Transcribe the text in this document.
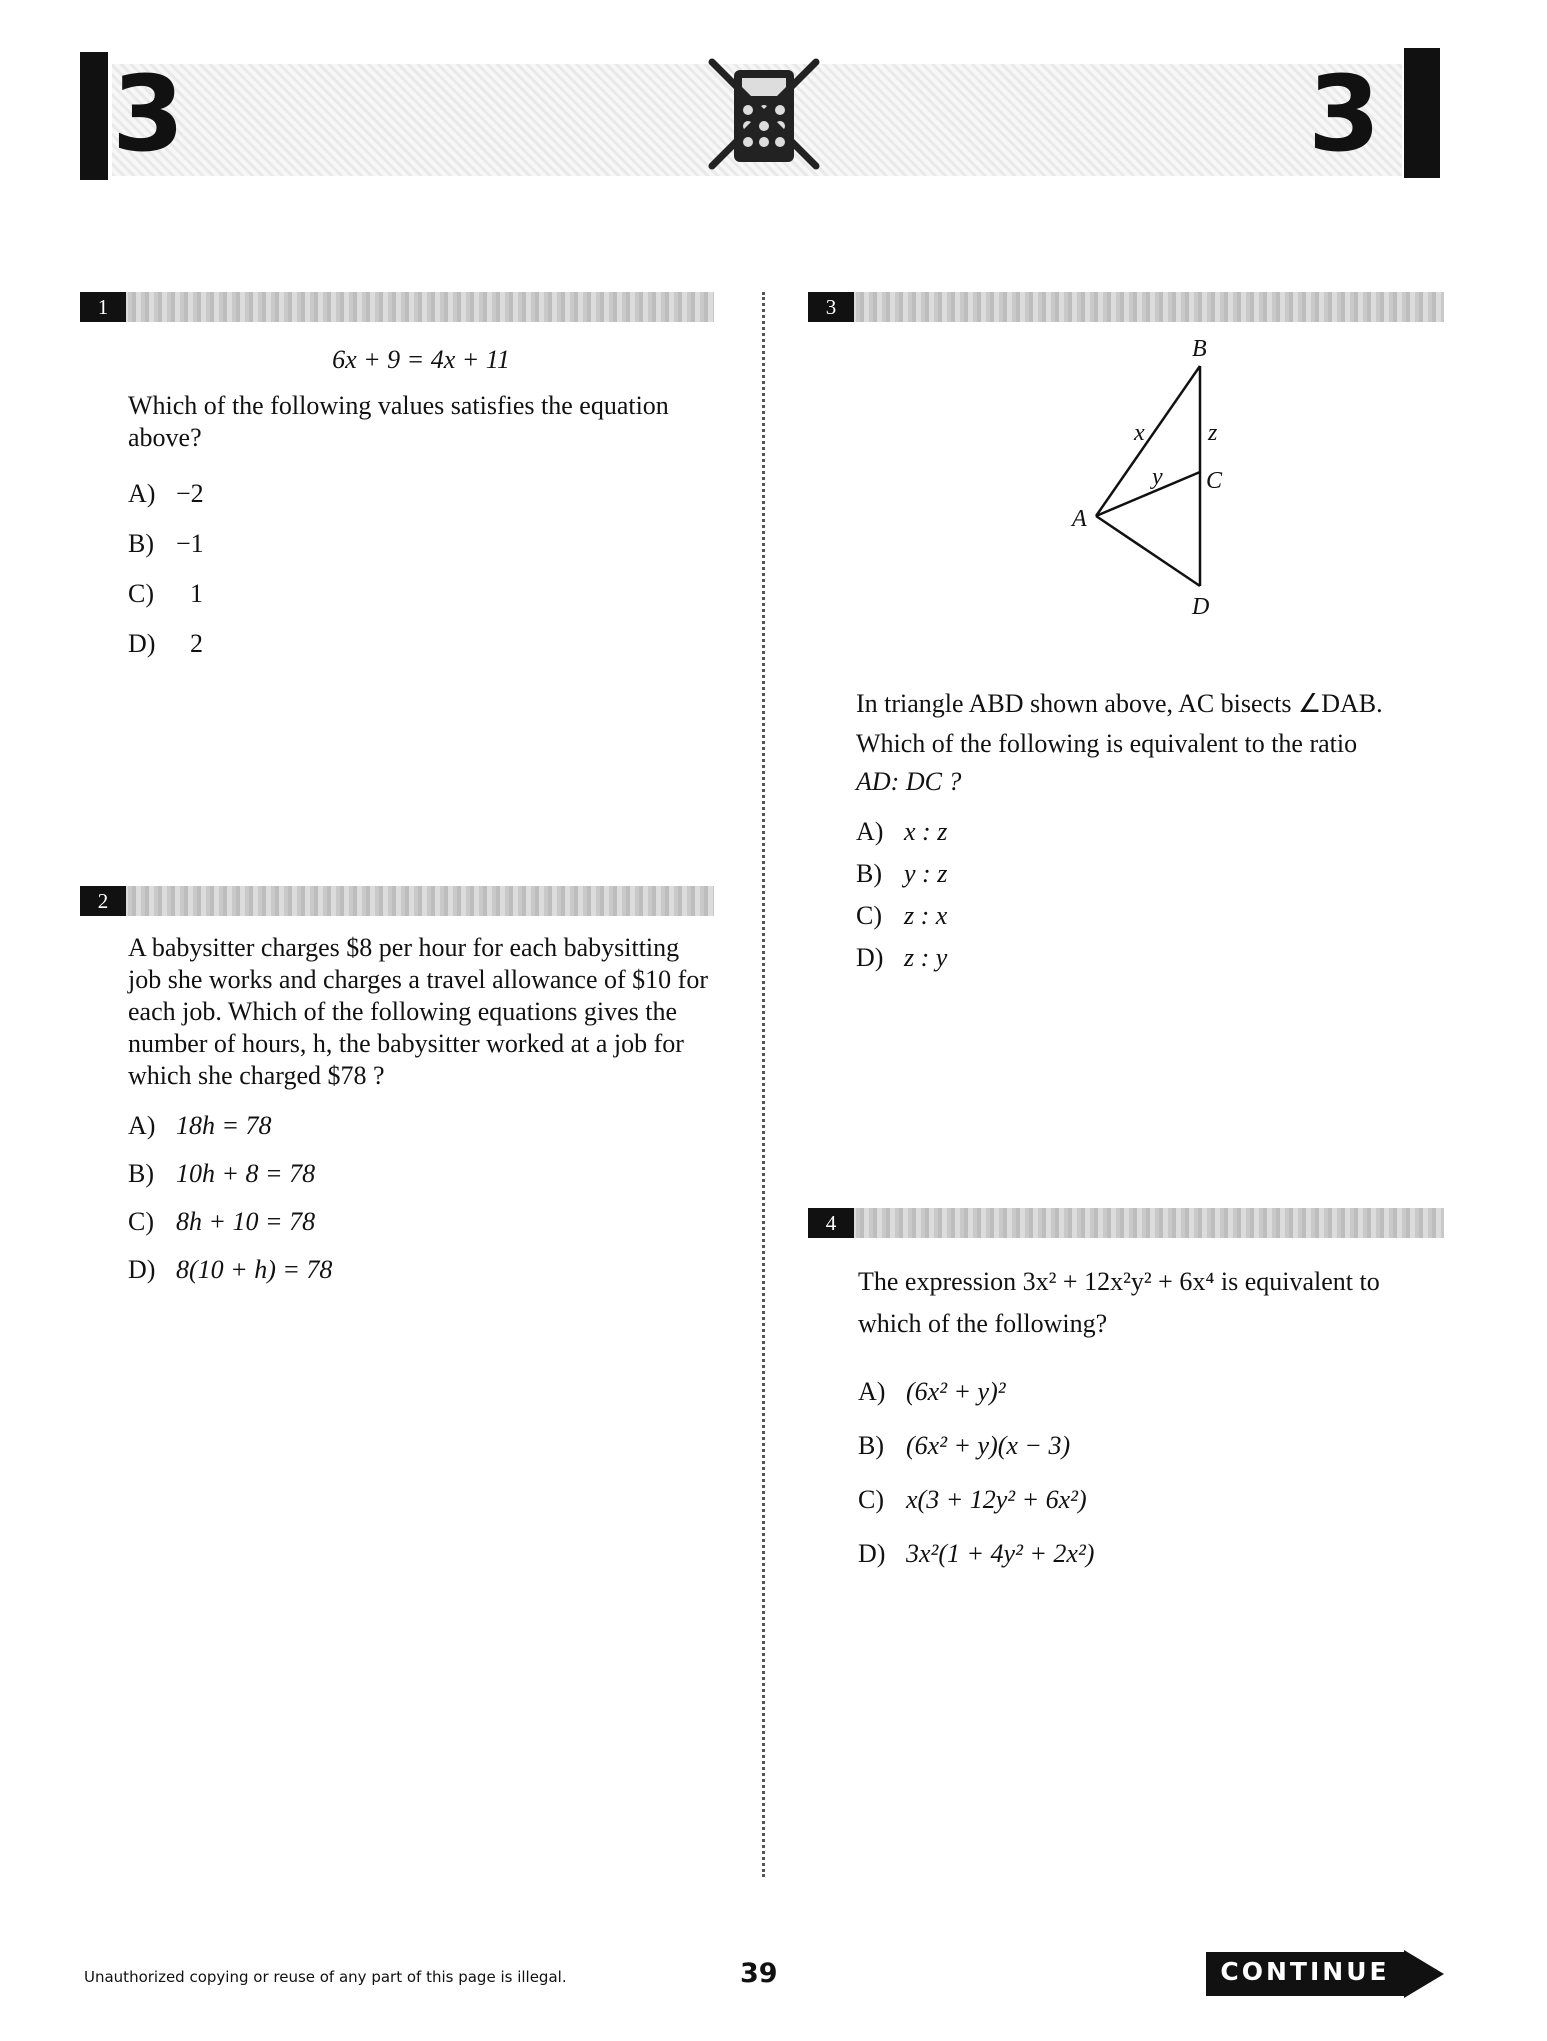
3	3
1
6x + 9 = 4x + 11

Which of the following values satisfies the equation above?

A) −2
B) −1
C) 1
D) 2
2

A babysitter charges $8 per hour for each babysitting job she works and charges a travel allowance of $10 for each job. Which of the following equations gives the number of hours, h, the babysitter worked at a job for which she charged $78 ?

A) 18h = 78
B) 10h + 8 = 78
C) 8h + 10 = 78
D) 8(10 + h) = 78
3
B
A
C
D
x	z
y
In triangle ABD shown above, AC bisects ∠DAB.
Which of the following is equivalent to the ratio
AD: DC ?
A) x : z
B) y : z
C) z : x
D) z : y
4
The expression 3x² + 12x²y² + 6x⁴ is equivalent to
which of the following?
A) (6x² + y)²
B) (6x² + y)(x − 3)
C) x(3 + 12y² + 6x²)
D) 3x²(1 + 4y² + 2x²)
Unauthorized copying or reuse of any part of this page is illegal.	39	CONTINUE
